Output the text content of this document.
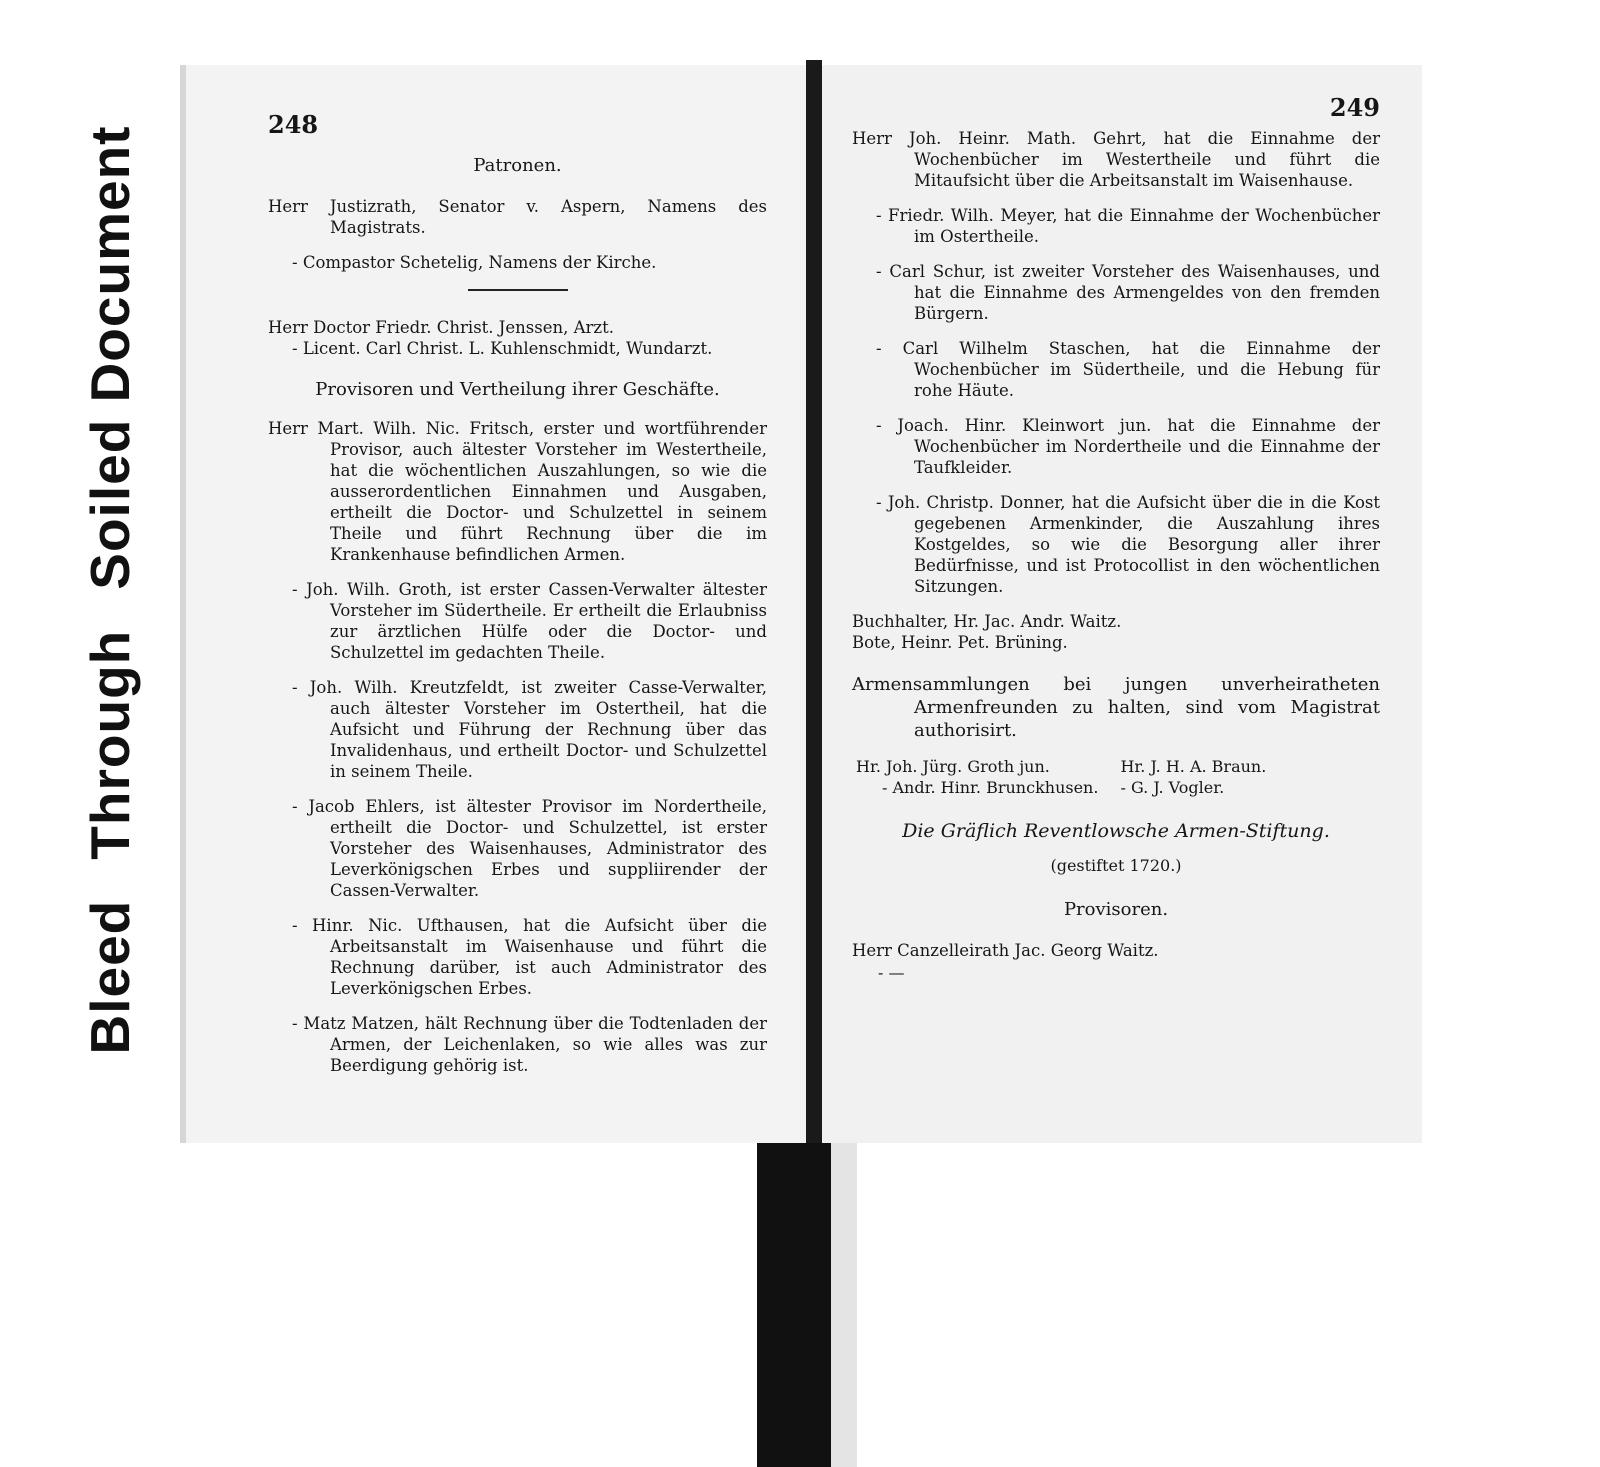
BleedThroughSoiled Document
248
Patronen.

Herr Justizrath, Senator v. Aspern, Namens des Magistrats.

- Compastor Schetelig, Namens der Kirche.

Herr Doctor Friedr. Christ. Jenssen, Arzt.

- Licent. Carl Christ. L. Kuhlenschmidt, Wundarzt.

Provisoren und Vertheilung ihrer Geschäfte.

Herr Mart. Wilh. Nic. Fritsch, erster und wortführender Provisor, auch ältester Vorsteher im Westertheile, hat die wöchentlichen Auszahlungen, so wie die ausserordentlichen Einnahmen und Ausgaben, ertheilt die Doctor- und Schulzettel in seinem Theile und führt Rechnung über die im Krankenhause befindlichen Armen.

- Joh. Wilh. Groth, ist erster Cassen-Verwalter ältester Vorsteher im Südertheile. Er ertheilt die Erlaubniss zur ärztlichen Hülfe oder die Doctor- und Schulzettel im gedachten Theile.

- Joh. Wilh. Kreutzfeldt, ist zweiter Casse-Verwalter, auch ältester Vorsteher im Ostertheil, hat die Aufsicht und Führung der Rechnung über das Invalidenhaus, und ertheilt Doctor- und Schulzettel in seinem Theile.

- Jacob Ehlers, ist ältester Provisor im Nordertheile, ertheilt die Doctor- und Schulzettel, ist erster Vorsteher des Waisenhauses, Administrator des Leverkönigschen Erbes und suppliirender der Cassen-Verwalter.

- Hinr. Nic. Ufthausen, hat die Aufsicht über die Arbeitsanstalt im Waisenhause und führt die Rechnung darüber, ist auch Administrator des Leverkönigschen Erbes.

- Matz Matzen, hält Rechnung über die Todtenladen der Armen, der Leichenlaken, so wie alles was zur Beerdigung gehörig ist.

249

Herr Joh. Heinr. Math. Gehrt, hat die Einnahme der Wochenbücher im Westertheile und führt die Mitaufsicht über die Arbeitsanstalt im Waisenhause.

- Friedr. Wilh. Meyer, hat die Einnahme der Wochenbücher im Ostertheile.

- Carl Schur, ist zweiter Vorsteher des Waisenhauses, und hat die Einnahme des Armengeldes von den fremden Bürgern.

- Carl Wilhelm Staschen, hat die Einnahme der Wochenbücher im Südertheile, und die Hebung für rohe Häute.

- Joach. Hinr. Kleinwort jun. hat die Einnahme der Wochenbücher im Nordertheile und die Einnahme der Taufkleider.

- Joh. Christp. Donner, hat die Aufsicht über die in die Kost gegebenen Armenkinder, die Auszahlung ihres Kostgeldes, so wie die Besorgung aller ihrer Bedürfnisse, und ist Protocollist in den wöchentlichen Sitzungen.

Buchhalter, Hr. Jac. Andr. Waitz.

Bote, Heinr. Pet. Brüning.

Armensammlungen bei jungen unverheiratheten Armenfreunden zu halten, sind vom Magistrat authorisirt.

Hr. Joh. Jürg. Groth jun.
- Andr. Hinr. Brunckhusen.
Hr. J. H. A. Braun.
- G. J. Vogler.
Die Gräflich Reventlowsche Armen-Stiftung.
(gestiftet 1720.)
Provisoren.

Herr Canzelleirath Jac. Georg Waitz.

- —
